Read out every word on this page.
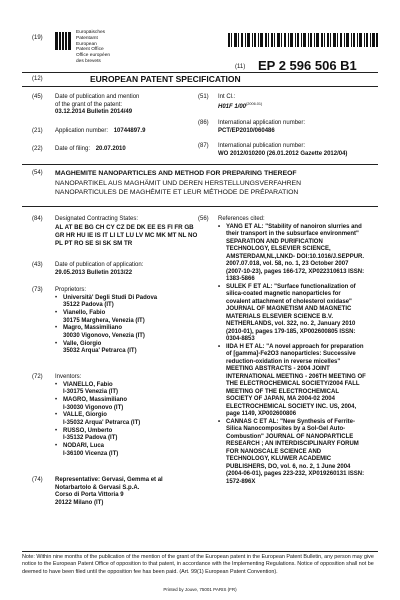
(19)
Europäisches
Patentamt
European
Patent Office
Office européen
des brevets
(11) EP 2 596 506 B1
(12)	EUROPEAN PATENT SPECIFICATION
(45) Date of publication and mention
of the grant of the patent:
03.12.2014 Bulletin 2014/49
(21) Application number: 10744897.9
(22) Date of filing: 20.07.2010
(51) Int Cl.:
H01F $1/00^{(2006.01)}$
(86) International application number:
PCT/EP2010/060486
(87) International publication number:
WO 2012/010200 (26.01.2012 Gazette 2012/04)
(54) MAGHEMITE NANOPARTICLES AND METHOD FOR PREPARING THEREOF
NANOPARTIKEL AUS MAGHÄMIT UND DEREN HERSTELLUNGSVERFAHREN
NANOPARTICULES DE MAGHÉMITE ET LEUR MÉTHODE DE PRÉPARATION
(84) Designated Contracting States:
AL AT BE BG CH CY CZ DE DK EE ES FI FR GB
GR HR HU IE IS IT LI LT LU LV MC MK MT NL NO
PL PT RO SE SI SK SM TR
(43) Date of publication of application:
29.05.2013 Bulletin 2013/22
(73) Proprietors:
• Università' Degli Studi Di Padova
35122 Padova (IT)
• Vianello, Fabio
30175 Marghera, Venezia (IT)
• Magro, Massimiliano
30030 Vigonovo, Venezia (IT)
• Valle, Giorgio
35032 Arqua' Petrarca (IT)
(72) Inventors:
• VIANELLO, Fabio
I-30175 Venezia (IT)
• MAGRO, Massimiliano
I-30030 Vigonovo (IT)
• VALLE, Giorgio
I-35032 Arqua' Petrarca (IT)
• RUSSO, Umberto
I-35132 Padova (IT)
• NODARI, Luca
I-36100 Vicenza (IT)
(74) Representative: Gervasi, Gemma et al
Notarbartolo & Gervasi S.p.A.
Corso di Porta Vittoria 9
20122 Milano (IT)
(56) References cited:
• YANG ET AL: "Stability of nanoiron slurries and
their transport in the subsurface environment"
SEPARATION AND PURIFICATION
TECHNOLOGY, ELSEVIER SCIENCE,
AMSTERDAM,NL,LNKD- DOI:10.1016/J.SEPPUR.
2007.07.018, vol. 58, no. 1, 23 October 2007
(2007-10-23), pages 166-172, XP022310613 ISSN:
1383-5866
• SULEK F ET AL: "Surface functionalization of
silica-coated magnetic nanoparticles for
covalent attachment of cholesterol oxidase"
JOURNAL OF MAGNETISM AND MAGNETIC
MATERIALS ELSEVIER SCIENCE B.V.
NETHERLANDS, vol. 322, no. 2, January 2010
(2010-01), pages 179-185, XP002600805 ISSN:
0304-8853
• IIDA H ET AL: "A novel approach for preparation
of [gamma]-Fe2O3 nanoparticles: Successive
reduction-oxidation in reverse micelles"
MEETING ABSTRACTS - 2004 JOINT
INTERNATIONAL MEETING - 206TH MEETING OF
THE ELECTROCHEMICAL SOCIETY/2004 FALL
MEETING OF THE ELECTROCHEMICAL
SOCIETY OF JAPAN, MA 2004-02 2004
ELECTROCHEMICAL SOCIETY INC. US, 2004,
page 1149, XP002600806
• CANNAS C ET AL: "New Synthesis of Ferrite-
Silica Nanocomposites by a Sol-Gel Auto-
Combustion" JOURNAL OF NANOPARTICLE
RESEARCH ; AN INTERDISCIPLINARY FORUM
FOR NANOSCALE SCIENCE AND
TECHNOLOGY, KLUWER ACADEMIC
PUBLISHERS, DO, vol. 6, no. 2, 1 June 2004
(2004-06-01), pages 223-232, XP019260131 ISSN:
1572-896X
Note: Within nine months of the publication of the mention of the grant of the European patent in the European Patent Bulletin, any person may give notice to the European Patent Office of opposition to that patent, in accordance with the Implementing Regulations. Notice of opposition shall not be deemed to have been filed until the opposition fee has been paid. (Art. 99(1) European Patent Convention).
Printed by Jouve, 75001 PARIS (FR)
